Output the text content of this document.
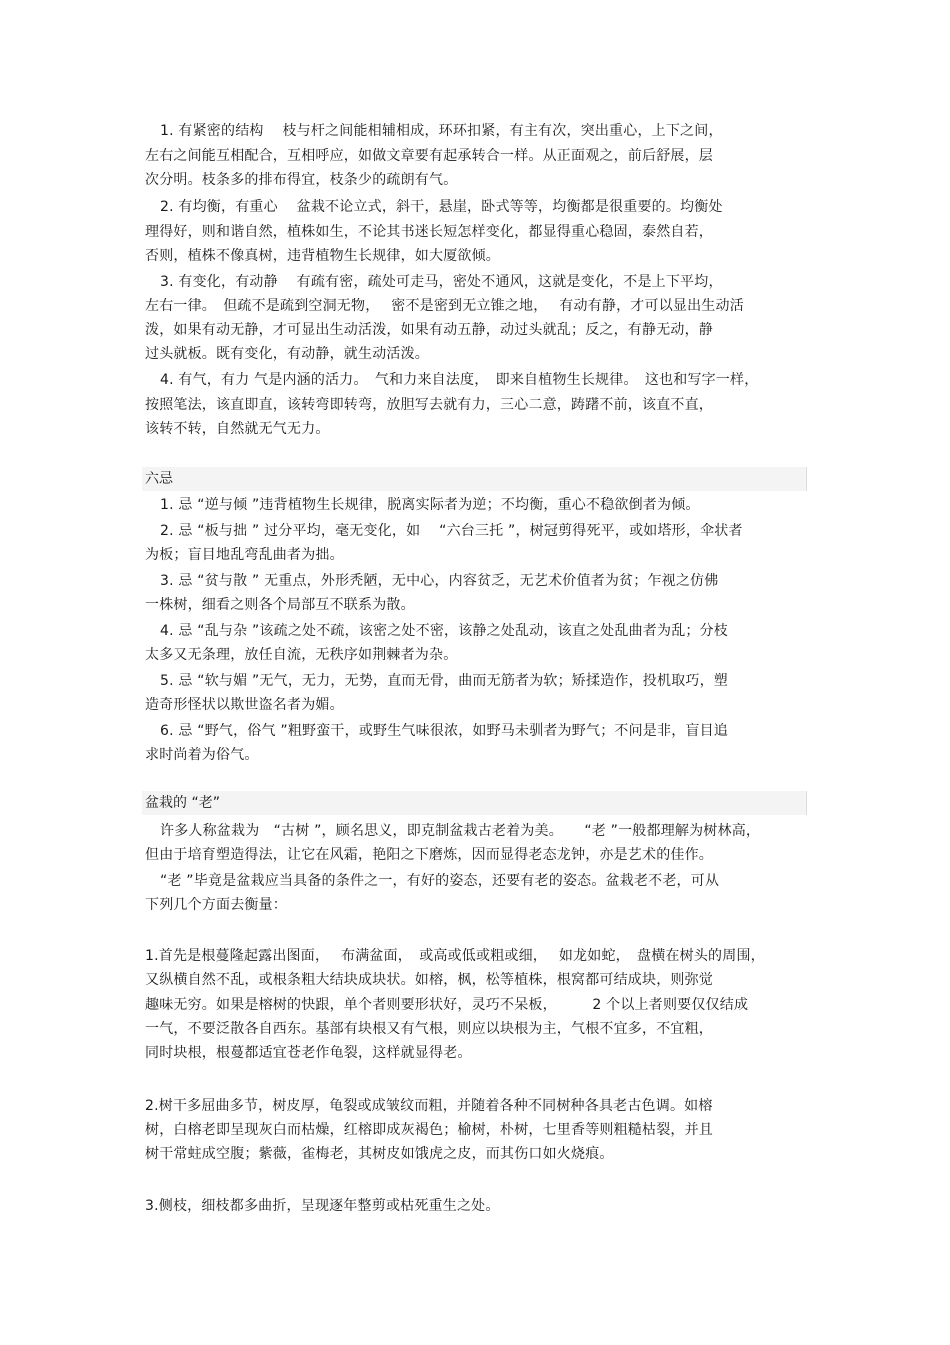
1. 有紧密的结构　 枝与杆之间能相辅相成，环环扣紧，有主有次，突出重心，上下之间，
左右之间能互相配合，互相呼应，如做文章要有起承转合一样。从正面观之，前后舒展，层
次分明。枝条多的排布得宜，枝条少的疏朗有气。
2. 有均衡，有重心　 盆栽不论立式，斜干，悬崖，卧式等等，均衡都是很重要的。均衡处
理得好，则和谐自然，植株如生，不论其书迷长短怎样变化，都显得重心稳固，泰然自若，
否则，植株不像真树，违背植物生长规律，如大厦欲倾。
3. 有变化，有动静　 有疏有密，疏处可走马，密处不通风，这就是变化，不是上下平均，
左右一律。　但疏不是疏到空洞无物，　 密不是密到无立锥之地，　 有动有静，才可以显出生动活
泼，如果有动无静，才可显出生动活泼，如果有动五静，动过头就乱；反之，有静无动，静
过头就板。既有变化，有动静，就生动活泼。
4. 有气，有力 气是内涵的活力。　气和力来自法度，　即来自植物生长规律。　这也和写字一样，
按照笔法，该直即直，该转弯即转弯，放胆写去就有力，三心二意，踌躇不前，该直不直，
该转不转，自然就无气无力。
六忌
1. 忌 “逆与倾 ”违背植物生长规律，脱离实际者为逆；不均衡，重心不稳欲倒者为倾。
2. 忌 “板与拙 ” 过分平均，毫无变化，如　 “六台三托 ”，树冠剪得死平，或如塔形，伞状者
为板；盲目地乱弯乱曲者为拙。
3. 忌 “贫与散 ” 无重点，外形秃陋，无中心，内容贫乏，无艺术价值者为贫；乍视之仿佛
一株树，细看之则各个局部互不联系为散。
4. 忌 “乱与杂 ”该疏之处不疏，该密之处不密，该静之处乱动，该直之处乱曲者为乱；分枝
太多又无条理，放任自流，无秩序如荆棘者为杂。
5. 忌 “软与媚 ”无气，无力，无势，直而无骨，曲而无筋者为软；矫揉造作，投机取巧，塑
造奇形怪状以欺世盗名者为媚。
6. 忌 “野气，俗气 ”粗野蛮干，或野生气味很浓，如野马未驯者为野气；不问是非，盲目追
求时尚着为俗气。
盆栽的 “老”
许多人称盆栽为　“古树 ”，顾名思义，即克制盆栽古老着为美。　　“老 ”一般都理解为树林高，
但由于培育塑造得法，让它在风霜，艳阳之下磨炼，因而显得老态龙钟，亦是艺术的佳作。
“老 ”毕竟是盆栽应当具备的条件之一，有好的姿态，还要有老的姿态。盆栽老不老，可从
下列几个方面去衡量：
1.首先是根蔓隆起露出图面，　 布满盆面，　或高或低或粗或细，　 如龙如蛇，　盘横在树头的周围，
又纵横自然不乱，或根条粗大结块成块状。如榕，枫，松等植株，根窝都可结成块，则弥觉
趣味无穷。如果是榕树的快跟，单个者则要形状好，灵巧不呆板，　　　2 个以上者则要仅仅结成
一气，不要泛散各自西东。基部有块根又有气根，则应以块根为主，气根不宜多，不宜粗，
同时块根，根蔓都适宜苍老作龟裂，这样就显得老。
2.树干多屈曲多节，树皮厚，龟裂或成皱纹而粗，并随着各种不同树种各具老古色调。如榕
树，白榕老即呈现灰白而枯燥，红榕即成灰褐色；榆树，朴树，七里香等则粗糙枯裂，并且
树干常蛀成空腹；紫薇，雀梅老，其树皮如饿虎之皮，而其伤口如火烧痕。
3.侧枝，细枝都多曲折，呈现逐年整剪或枯死重生之处。
